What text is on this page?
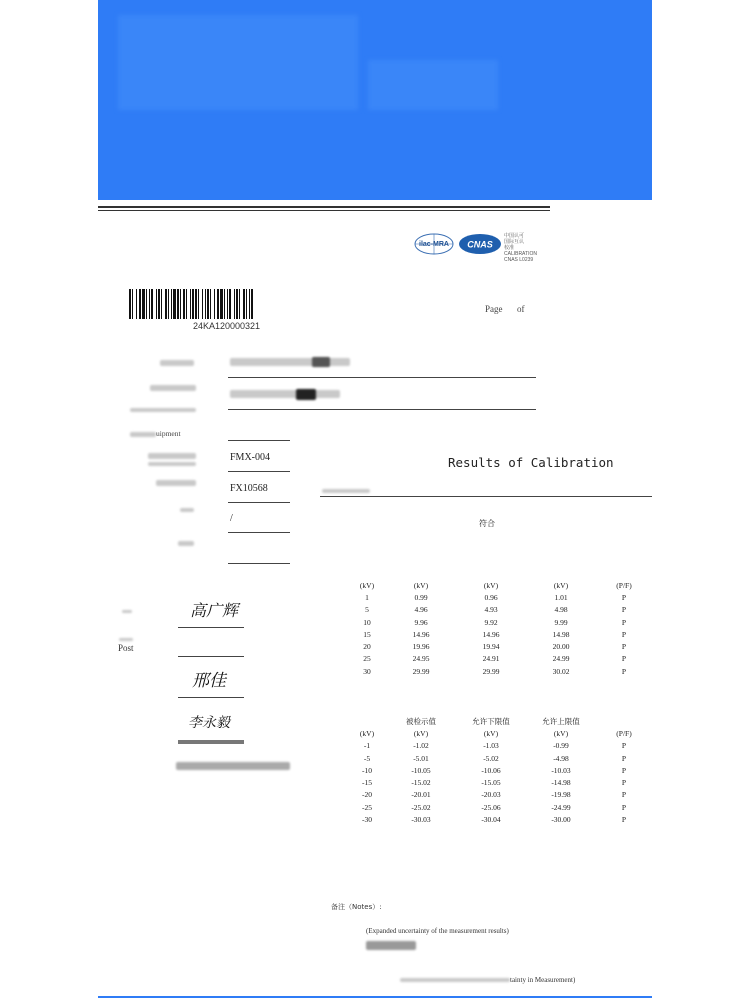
ilac-MRA CNAS
中国认可
国际互认
校准
CALIBRATION
CNAS L0239
24KA120000321
Page of
uipment
FMX-004
FX10568
/
Results of Calibration
符合
高广辉
Post
邢佳
李永毅
(kV)	(kV)	(kV)	(kV)	(P/F)
1	0.99	0.96	1.01	P
5	4.96	4.93	4.98	P
10	9.96	9.92	9.99	P
15	14.96	14.96	14.98	P
20	19.96	19.94	20.00	P
25	24.95	24.91	24.99	P
30	29.99	29.99	30.02	P
	被检示值	允许下限值	允许上限值	
(kV)	(kV)	(kV)	(kV)	(P/F)
-1	-1.02	-1.03	-0.99	P
-5	-5.01	-5.02	-4.98	P
-10	-10.05	-10.06	-10.03	P
-15	-15.02	-15.05	-14.98	P
-20	-20.01	-20.03	-19.98	P
-25	-25.02	-25.06	-24.99	P
-30	-30.03	-30.04	-30.00	P
备注（Notes）:
(Expanded uncertainty of the measurement results)
tainty in Measurement)
